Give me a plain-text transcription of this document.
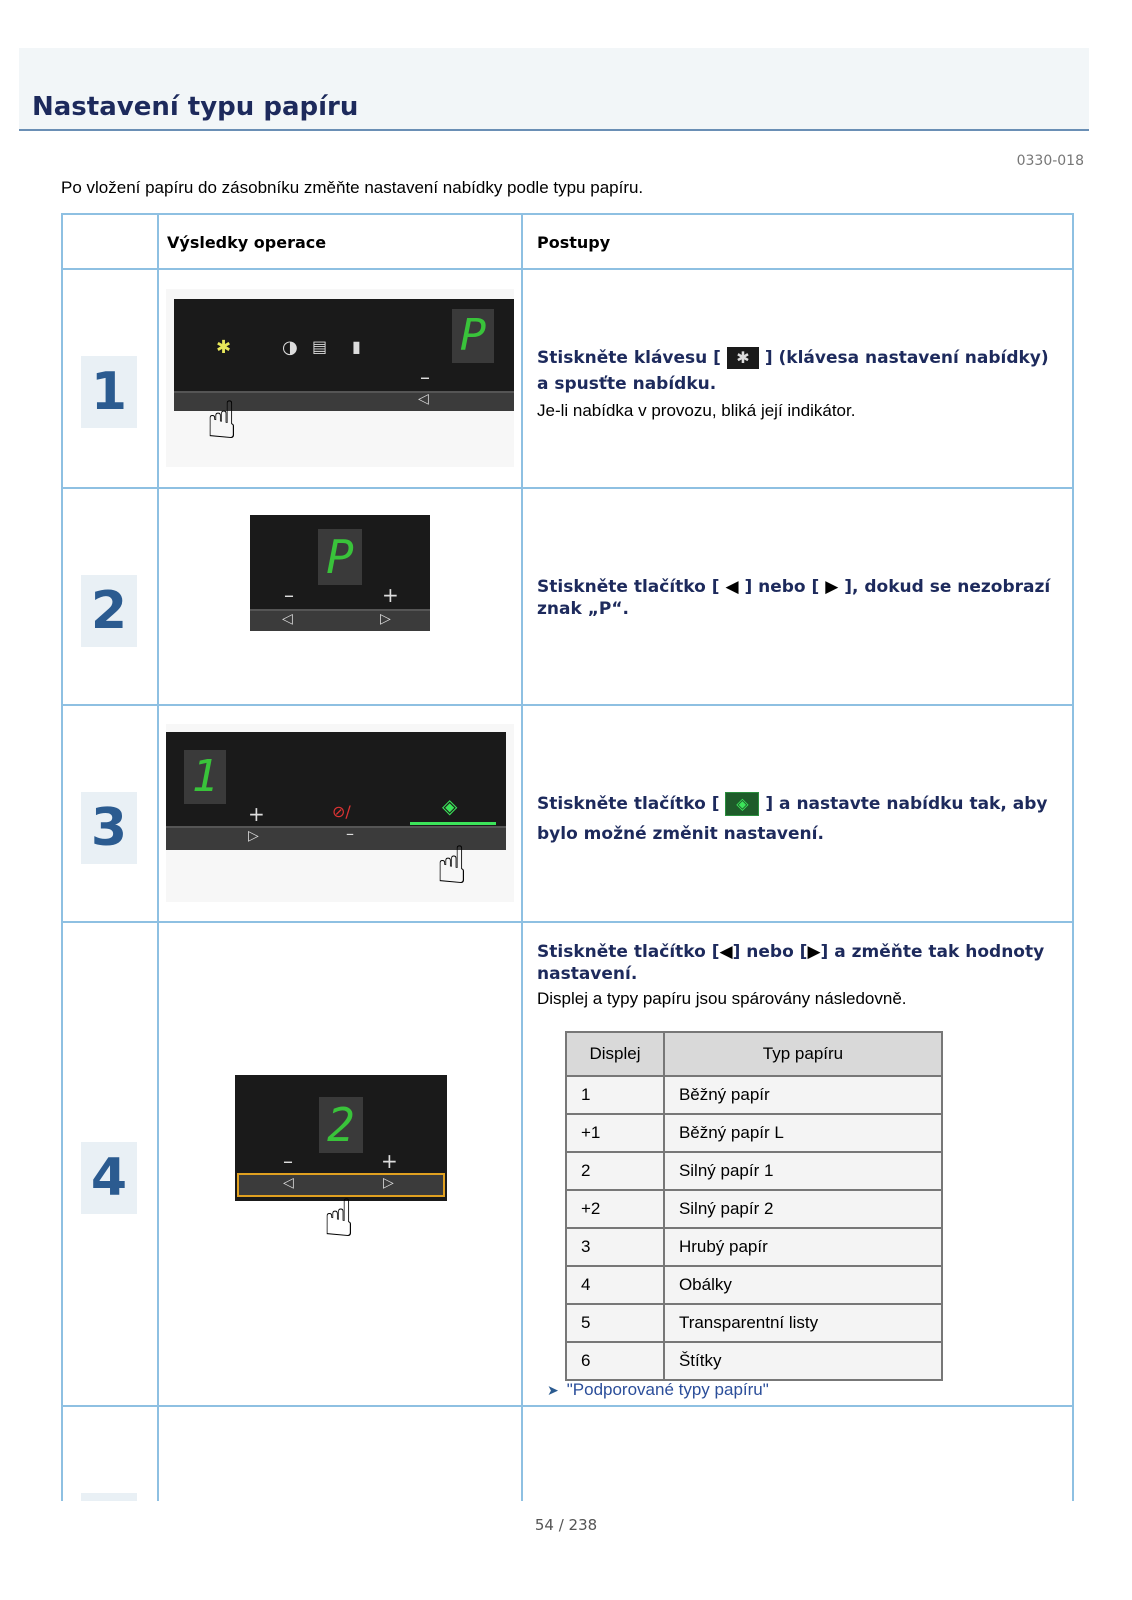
Nastavení typu papíru
0330-018
Po vložení papíru do zásobníku změňte nastavení nabídky podle typu papíru.
Výsledky operace	Postupy
1
P
✱	◑ ▤ ▮
–
◁
☝
Stiskněte klávesu [ ✱ ] (klávesa nastavení nabídky) a spusťte nabídku.
Je-li nabídka v provozu, bliká její indikátor.
2
P
–	+
◁	▷
Stiskněte tlačítko [ ◀ ] nebo [ ▶ ], dokud se nezobrazí znak „P“.
3
1
+	⊘/	◈
▷	–
☝
Stiskněte tlačítko [ ◈ ] a nastavte nabídku tak, aby bylo možné změnit nastavení.
4
2
–	+
◁	▷
☝
Stiskněte tlačítko [◀] nebo [▶] a změňte tak hodnoty nastavení.
Displej a typy papíru jsou spárovány následovně.
Displej	Typ papíru
1	Běžný papír
+1	Běžný papír L
2	Silný papír 1
+2	Silný papír 2
3	Hrubý papír
4	Obálky
5	Transparentní listy
6	Štítky
➤ "Podporované typy papíru"
54 / 238
